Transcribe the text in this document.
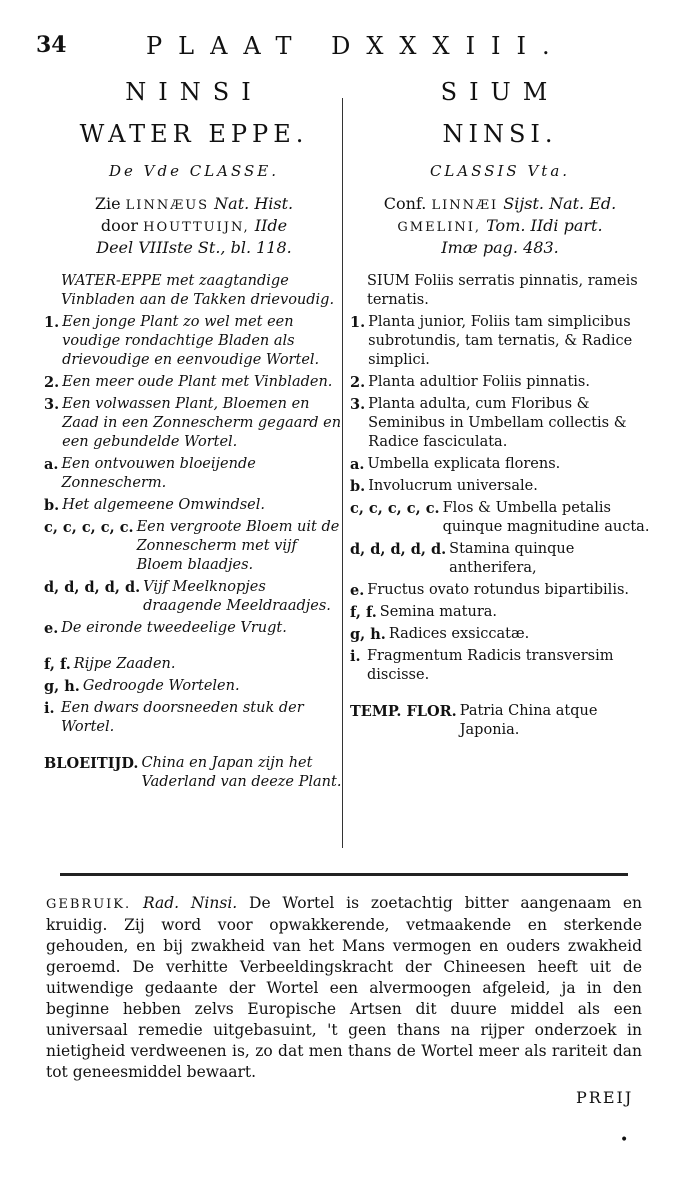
34	PLAAT DXXXIII.
NINSI
WATER EPPE.
De Vde CLASSE.
Zie LINNÆUS Nat. Hist.
door HOUTTUIJN, IIde
Deel VIIIste St., bl. 118.
WATER-EPPE met zaagtandige Vinbladen aan de Takken drievoudig.
1. Een jonge Plant zo wel met een voudige rondachtige Bladen als drievoudige en eenvoudige Wortel.
2. Een meer oude Plant met Vinbladen.
3. Een volwassen Plant, Bloemen en Zaad in een Zonnescherm gegaard en een gebundelde Wortel.
a. Een ontvouwen bloeijende Zonnescherm.
b. Het algemeene Omwindsel.
c, c, c, c, c. Een vergroote Bloem uit de Zonnescherm met vijf Bloem blaadjes.
d, d, d, d, d. Vijf Meelknopjes draagende Meeldraadjes.
e. De eironde tweedeelige Vrugt.
f, f. Rijpe Zaaden.
g, h. Gedroogde Wortelen.
i. Een dwars doorsneeden stuk der Wortel.
BLOEITIJD. China en Japan zijn het Vaderland van deeze Plant.
SIUM
NINSI.
CLASSIS Vta.
Conf. LINNÆI Sijst. Nat. Ed.
GMELINI, Tom. IIdi part.
Imæ pag. 483.
SIUM Foliis serratis pinnatis, rameis ternatis.
1. Planta junior, Foliis tam simplicibus subrotundis, tam ternatis, & Radice simplici.
2. Planta adultior Foliis pinnatis.
3. Planta adulta, cum Floribus & Seminibus in Umbellam collectis & Radice fasciculata.
a. Umbella explicata florens.
b. Involucrum universale.
c, c, c, c, c. Flos & Umbella petalis quinque magnitudine aucta.
d, d, d, d, d. Stamina quinque antherifera,
e. Fructus ovato rotundus bipartibilis.
f, f. Semina matura.
g, h. Radices exsiccatæ.
i. Fragmentum Radicis transversim discisse.
TEMP. FLOR. Patria China atque Japonia.
GEBRUIK. Rad. Ninsi. De Wortel is zoetachtig bitter aangenaam en kruidig. Zij word voor opwakkerende, vetmaakende en sterkende gehouden, en bij zwakheid van het Mans vermogen en ouders zwakheid geroemd. De verhitte Verbeeldingskracht der Chineesen heeft uit de uitwendige gedaante der Wortel een alvermoogen afgeleid, ja in den beginne hebben zelvs Europische Artsen dit duure middel als een universaal remedie uitgebasuint, 't geen thans na rijper onderzoek in nietigheid verdweenen is, zo dat men thans de Wortel meer als rariteit dan tot geneesmiddel bewaart.
PREIJ
•
